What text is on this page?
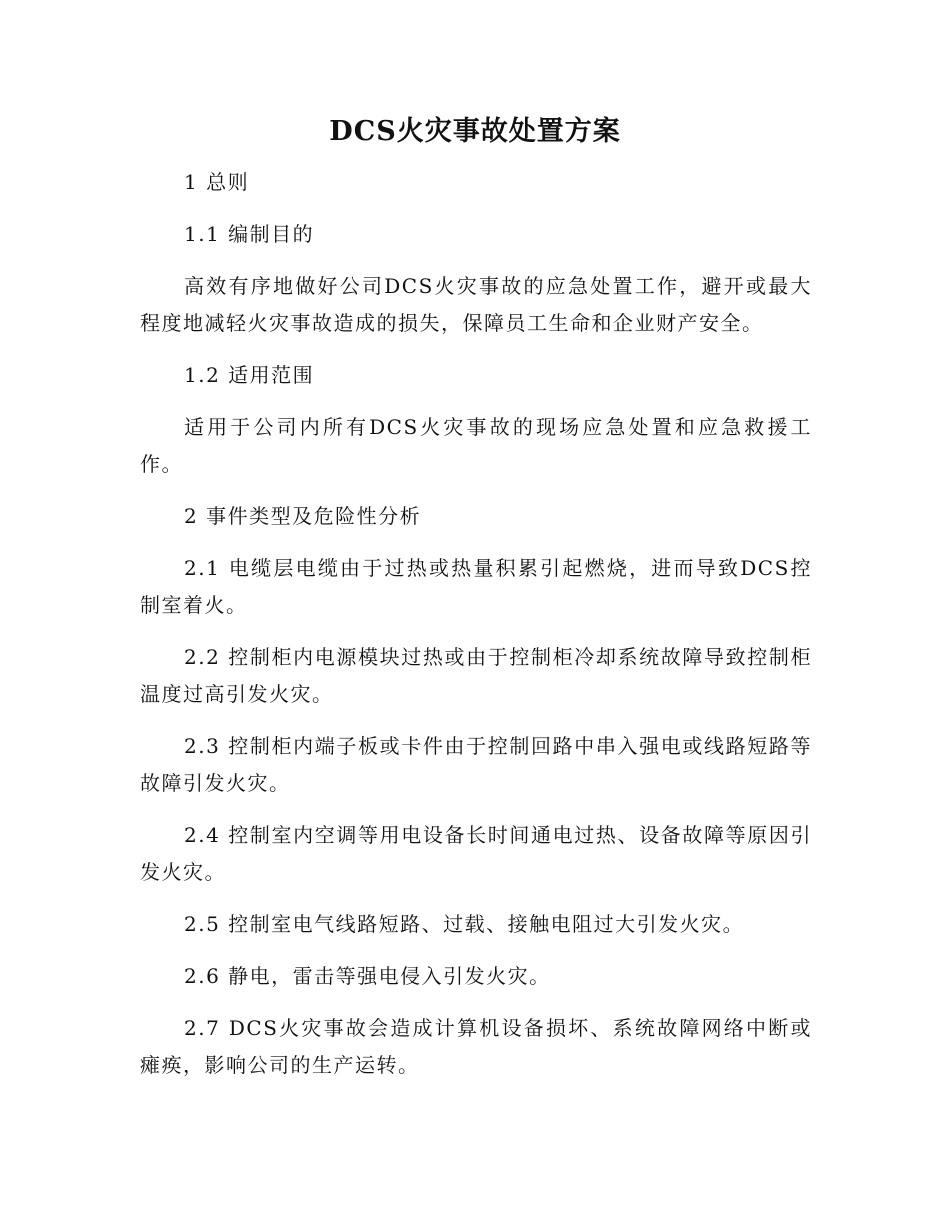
DCS火灾事故处置方案

1 总则

1.1 编制目的

高效有序地做好公司DCS火灾事故的应急处置工作，避开或最大程度地减轻火灾事故造成的损失，保障员工生命和企业财产安全。

1.2 适用范围

适用于公司内所有DCS火灾事故的现场应急处置和应急救援工作。

2 事件类型及危险性分析

2.1 电缆层电缆由于过热或热量积累引起燃烧，进而导致DCS控制室着火。

2.2 控制柜内电源模块过热或由于控制柜冷却系统故障导致控制柜温度过高引发火灾。

2.3 控制柜内端子板或卡件由于控制回路中串入强电或线路短路等故障引发火灾。

2.4 控制室内空调等用电设备长时间通电过热、设备故障等原因引发火灾。

2.5 控制室电气线路短路、过载、接触电阻过大引发火灾。

2.6 静电，雷击等强电侵入引发火灾。

2.7 DCS火灾事故会造成计算机设备损坏、系统故障网络中断或瘫痪，影响公司的生产运转。
